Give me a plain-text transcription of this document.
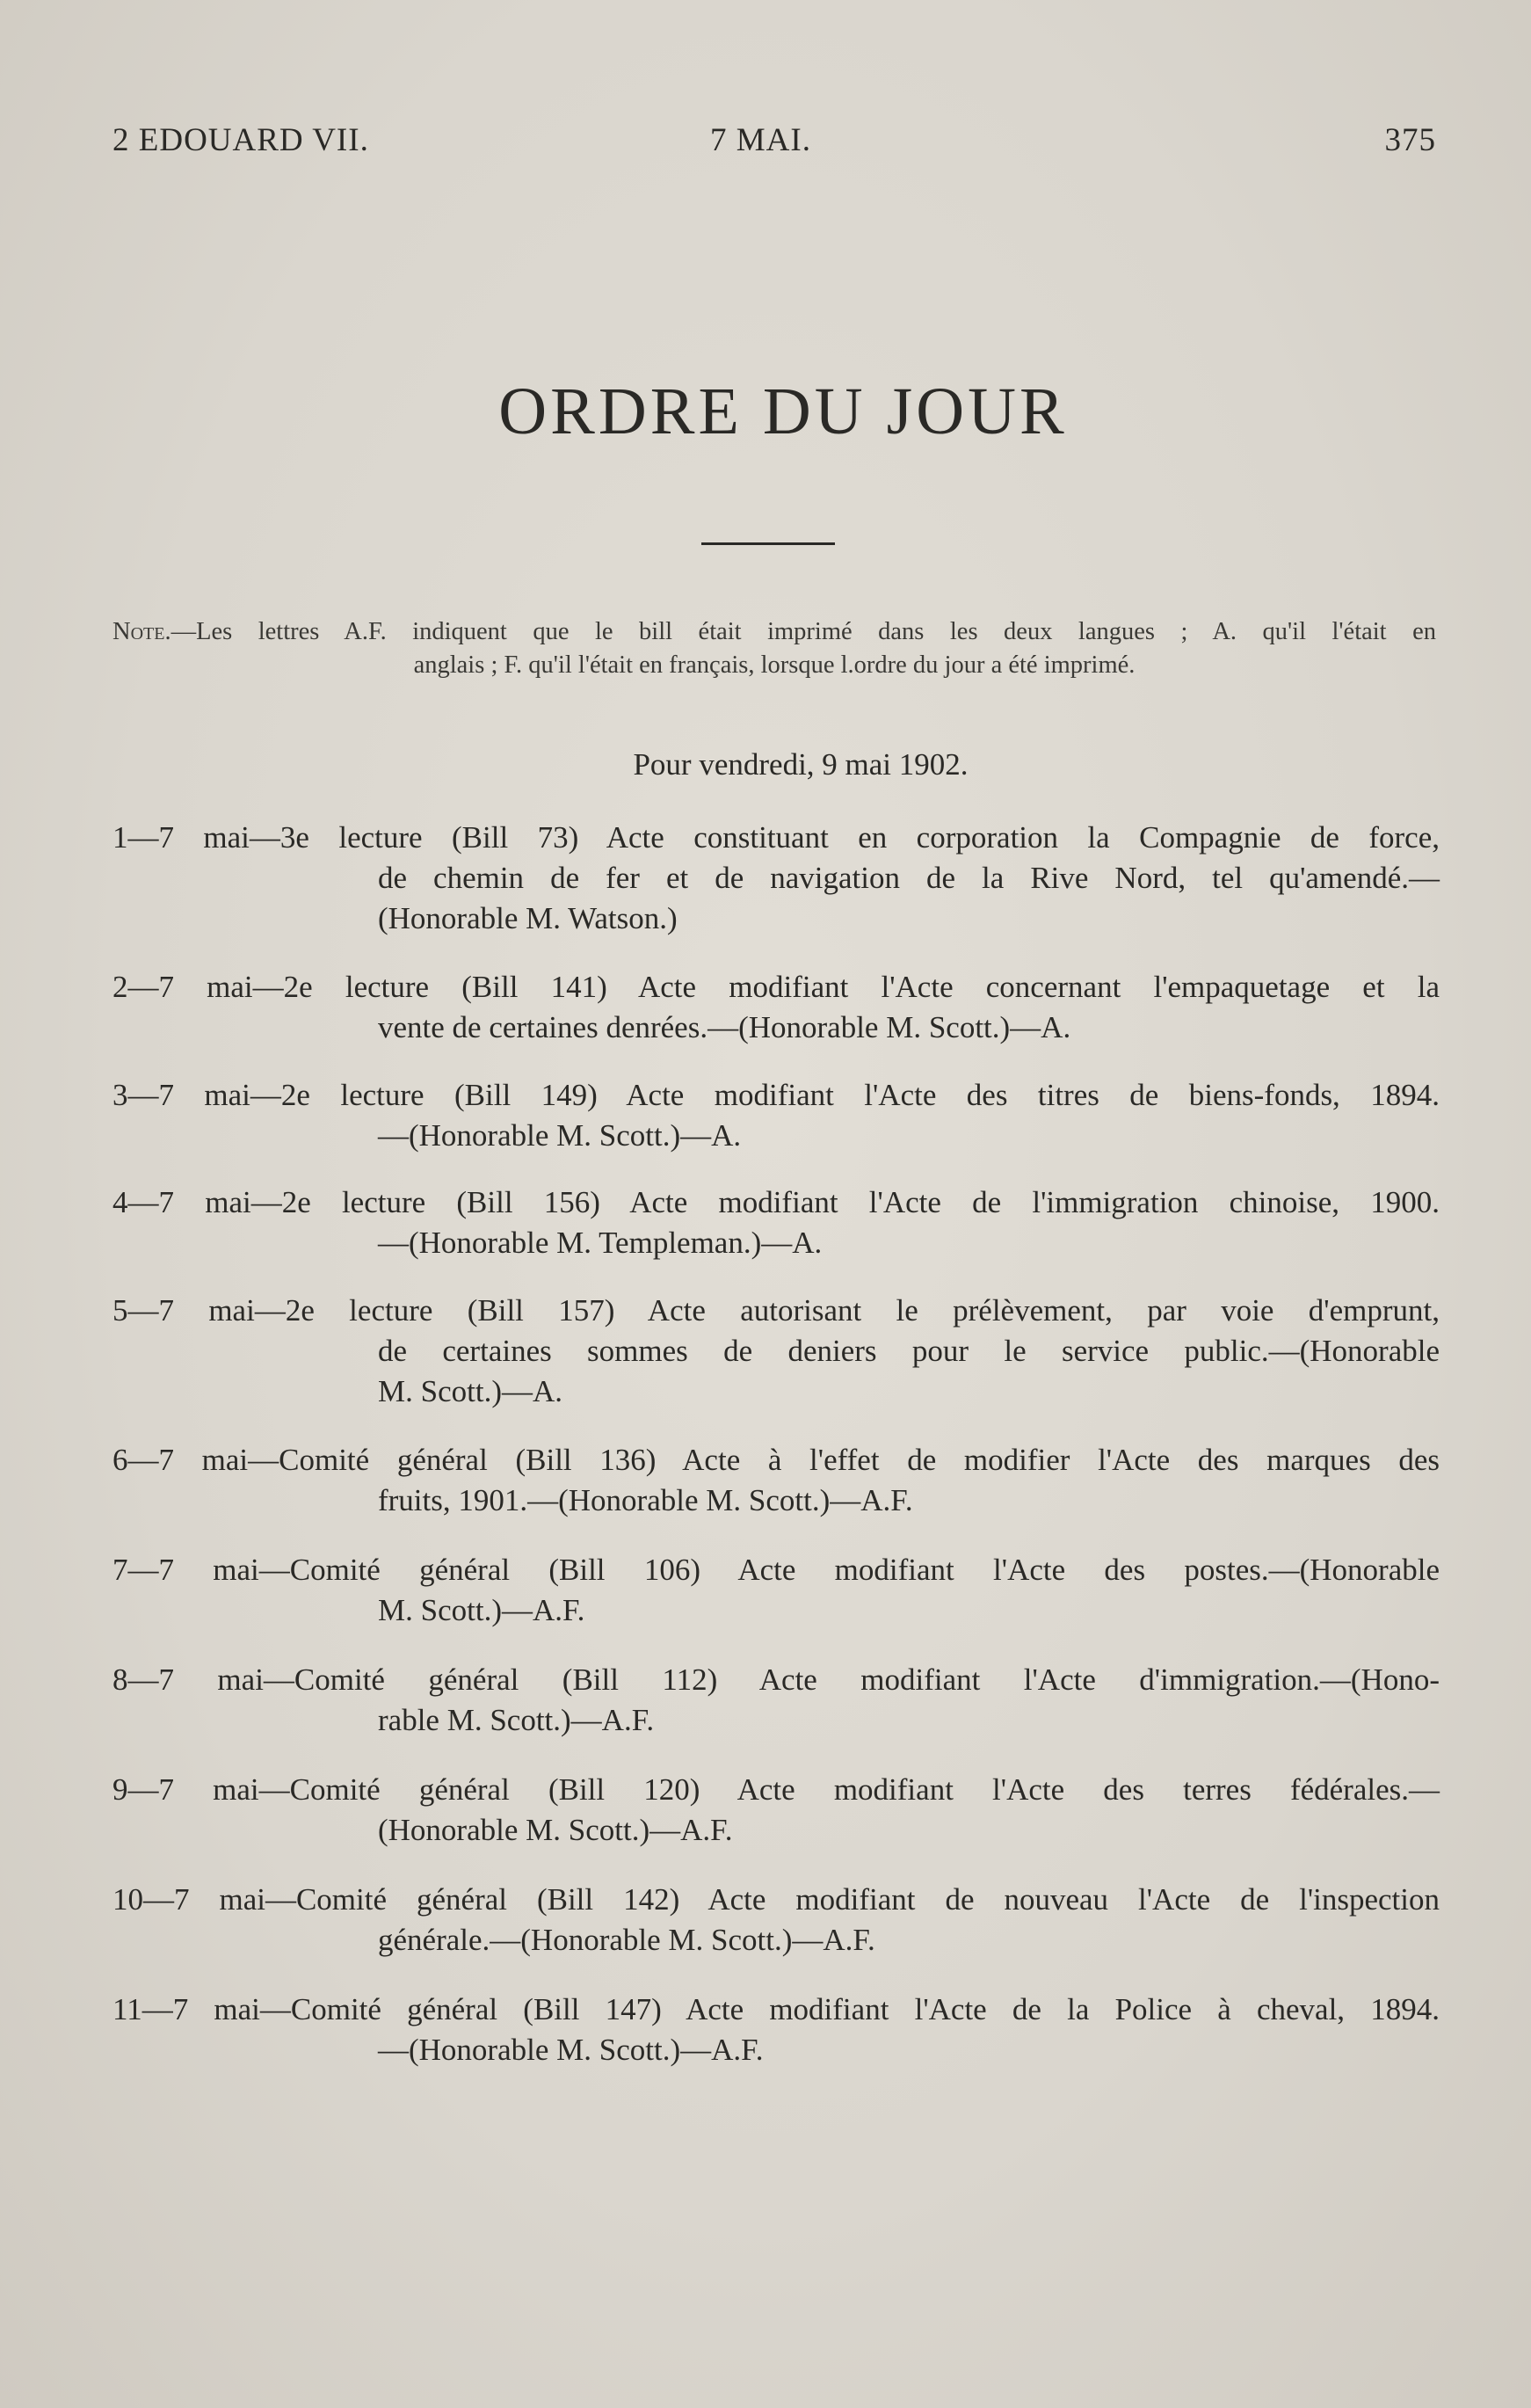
2 EDOUARD VII.	7 MAI.	375
ORDRE DU JOUR
Note.—Les lettres A.F. indiquent que le bill était imprimé dans les deux langues ; A. qu'il l'était en
anglais ; F. qu'il l'était en français, lorsque l.ordre du jour a été imprimé.
Pour vendredi, 9 mai 1902.
1—7 mai—3e lecture (Bill 73) Acte constituant en corporation la Compagnie de force,
de chemin de fer et de navigation de la Rive Nord, tel qu'amendé.—
(Honorable M. Watson.)
2—7 mai—2e lecture (Bill 141) Acte modifiant l'Acte concernant l'empaquetage et la
vente de certaines denrées.—(Honorable M. Scott.)—A.
3—7 mai—2e lecture (Bill 149) Acte modifiant l'Acte des titres de biens-fonds, 1894.
—(Honorable M. Scott.)—A.
4—7 mai—2e lecture (Bill 156) Acte modifiant l'Acte de l'immigration chinoise, 1900.
—(Honorable M. Templeman.)—A.
5—7 mai—2e lecture (Bill 157) Acte autorisant le prélèvement, par voie d'emprunt,
de certaines sommes de deniers pour le service public.—(Honorable
M. Scott.)—A.
6—7 mai—Comité général (Bill 136) Acte à l'effet de modifier l'Acte des marques des
fruits, 1901.—(Honorable M. Scott.)—A.F.
7—7 mai—Comité général (Bill 106) Acte modifiant l'Acte des postes.—(Honorable
M. Scott.)—A.F.
8—7 mai—Comité général (Bill 112) Acte modifiant l'Acte d'immigration.—(Hono-
rable M. Scott.)—A.F.
9—7 mai—Comité général (Bill 120) Acte modifiant l'Acte des terres fédérales.—
(Honorable M. Scott.)—A.F.
10—7 mai—Comité général (Bill 142) Acte modifiant de nouveau l'Acte de l'inspection
générale.—(Honorable M. Scott.)—A.F.
11—7 mai—Comité général (Bill 147) Acte modifiant l'Acte de la Police à cheval, 1894.
—(Honorable M. Scott.)—A.F.
